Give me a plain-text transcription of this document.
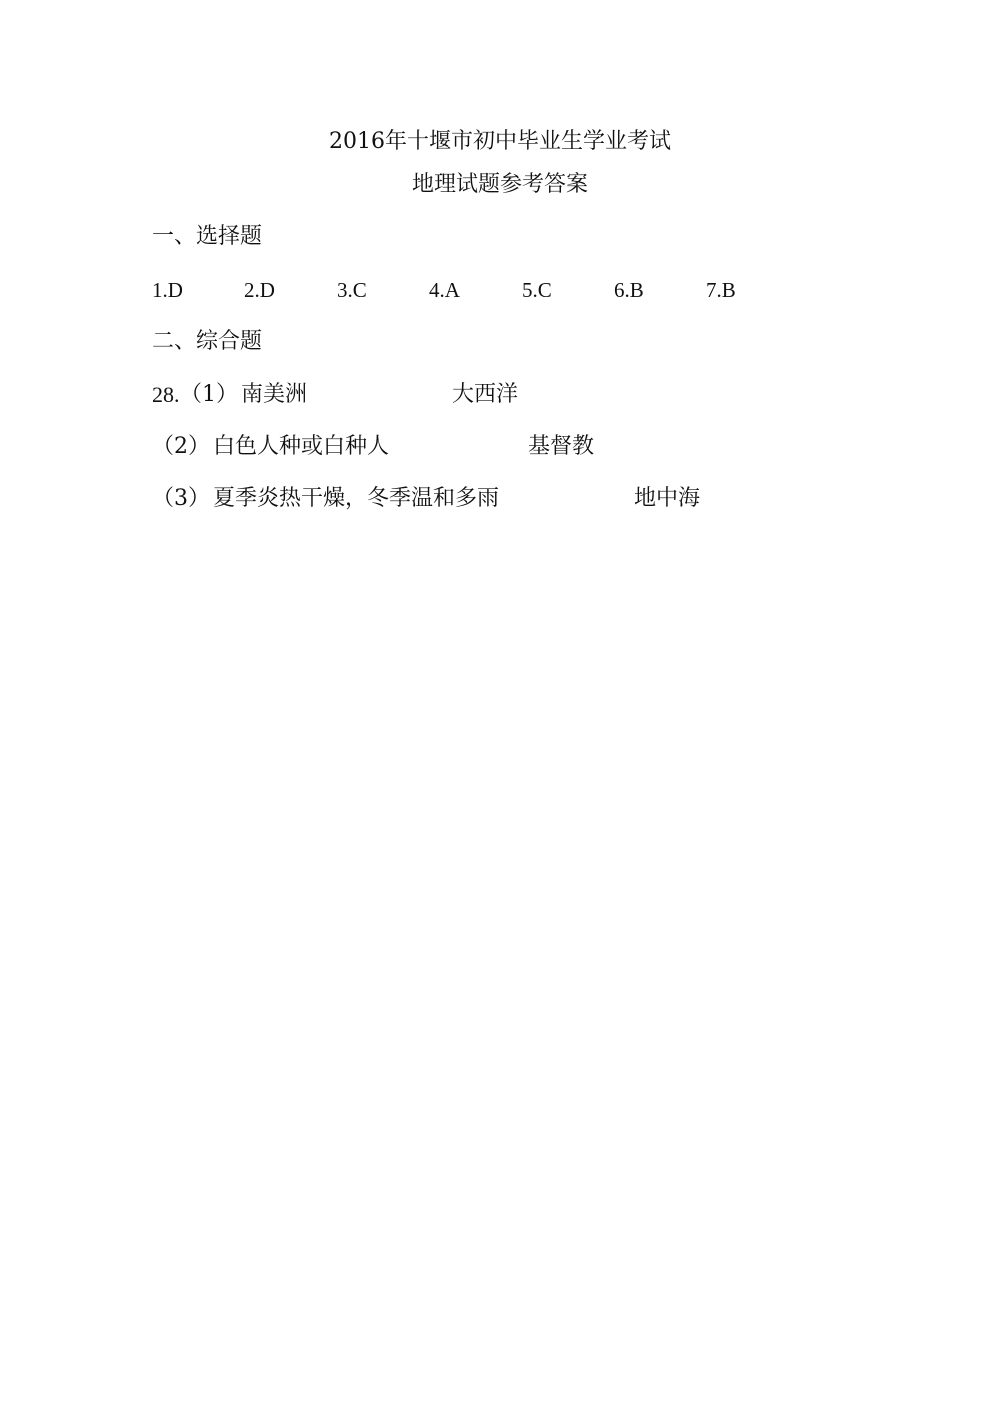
2016年十堰市初中毕业生学业考试
地理试题参考答案
一、选择题
1.D	2.D	3.C	4.A	5.C	6.B	7.B
二、综合题
28. （1） 南美洲	大西洋
（2） 白色人种或白种人	基督教
（3） 夏季炎热干燥，冬季温和多雨	地中海
